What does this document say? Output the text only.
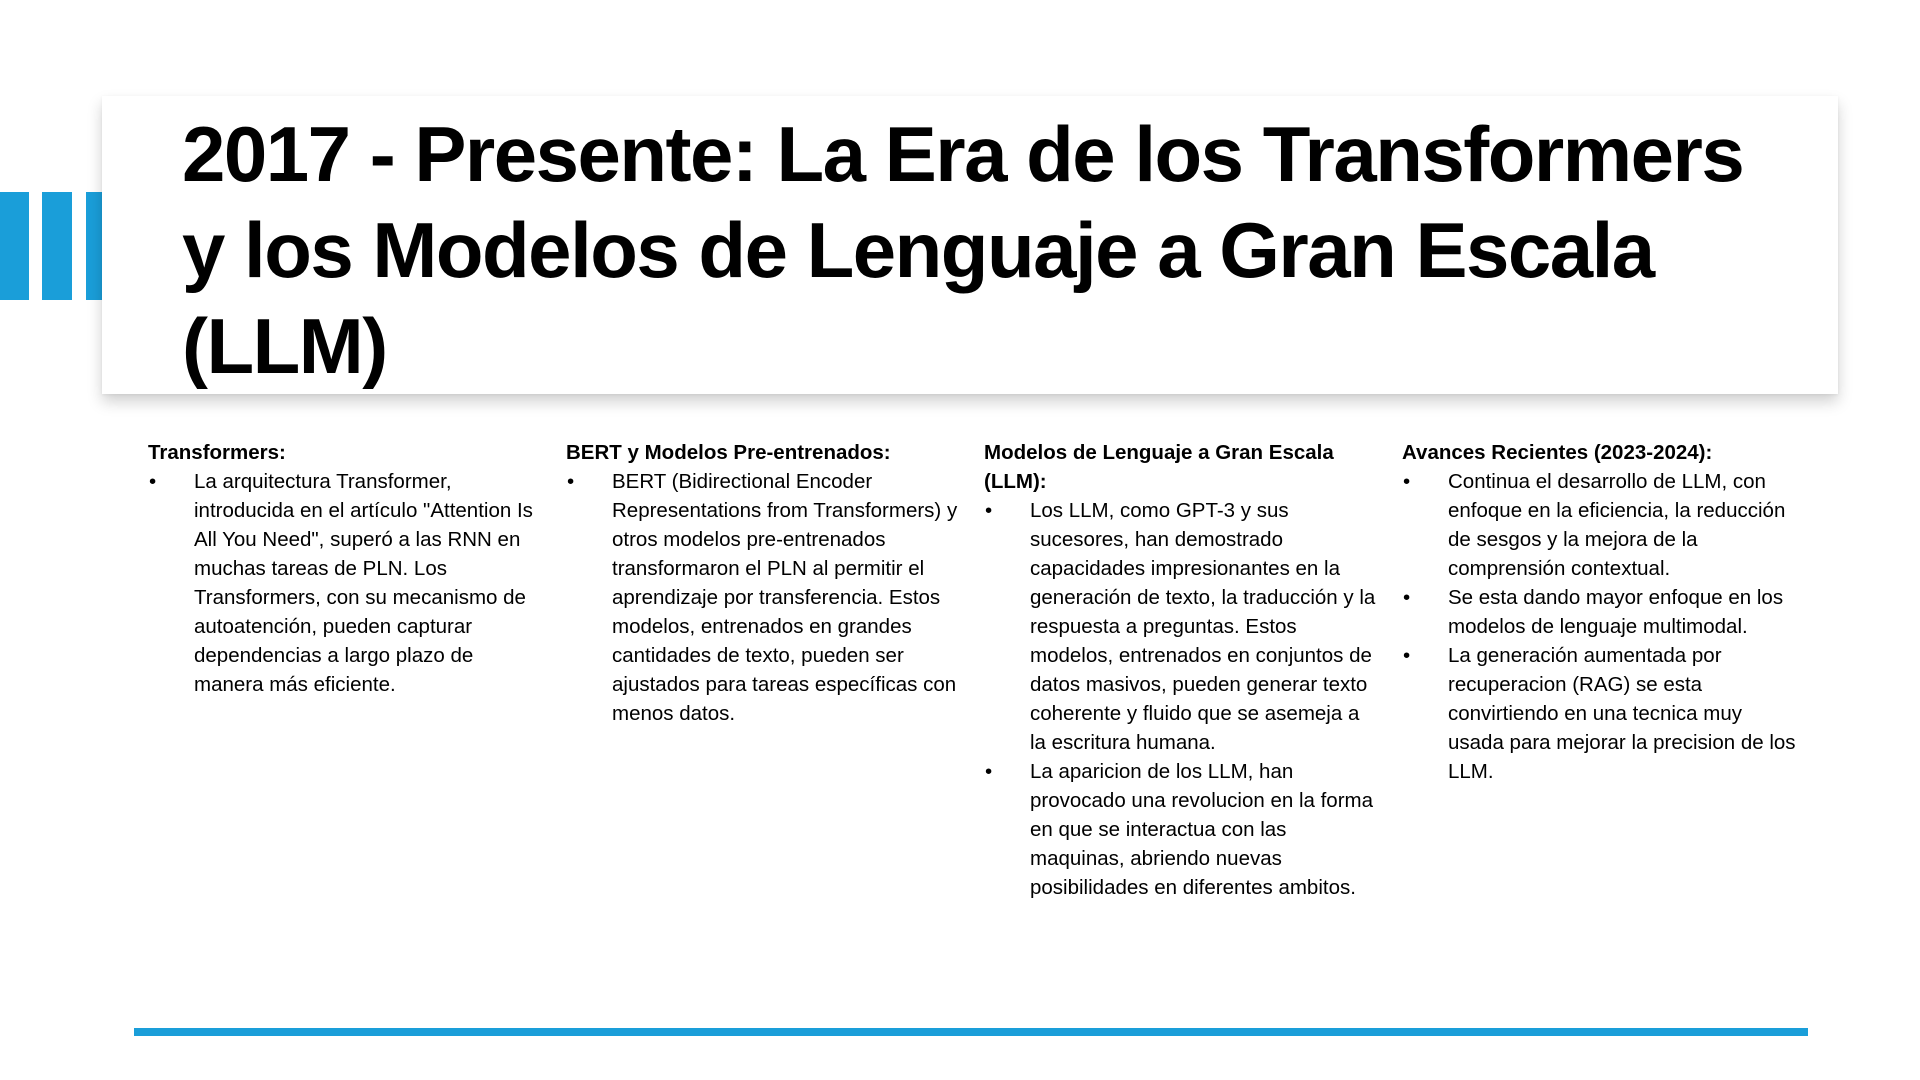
2017 - Presente: La Era de los Transformers y los Modelos de Lenguaje a Gran Escala (LLM)

Transformers:

•	La arquitectura Transformer, introducida en el artículo "Attention Is All You Need", superó a las RNN en muchas tareas de PLN. Los Transformers, con su mecanismo de autoatención, pueden capturar dependencias a largo plazo de manera más eficiente.

BERT y Modelos Pre-entrenados:

•	BERT (Bidirectional Encoder Representations from Transformers) y otros modelos pre-entrenados transformaron el PLN al permitir el aprendizaje por transferencia. Estos modelos, entrenados en grandes cantidades de texto, pueden ser ajustados para tareas específicas con menos datos.

Modelos de Lenguaje a Gran Escala (LLM):

•	Los LLM, como GPT-3 y sus sucesores, han demostrado capacidades impresionantes en la generación de texto, la traducción y la respuesta a preguntas. Estos modelos, entrenados en conjuntos de datos masivos, pueden generar texto coherente y fluido que se asemeja a la escritura humana.
•	La aparicion de los LLM, han provocado una revolucion en la forma en que se interactua con las maquinas, abriendo nuevas posibilidades en diferentes ambitos.

Avances Recientes (2023-2024):

•	Continua el desarrollo de LLM, con enfoque en la eficiencia, la reducción de sesgos y la mejora de la comprensión contextual.
•	Se esta dando mayor enfoque en los modelos de lenguaje multimodal.
•	La generación aumentada por recuperacion (RAG) se esta convirtiendo en una tecnica muy usada para mejorar la precision de los LLM.
